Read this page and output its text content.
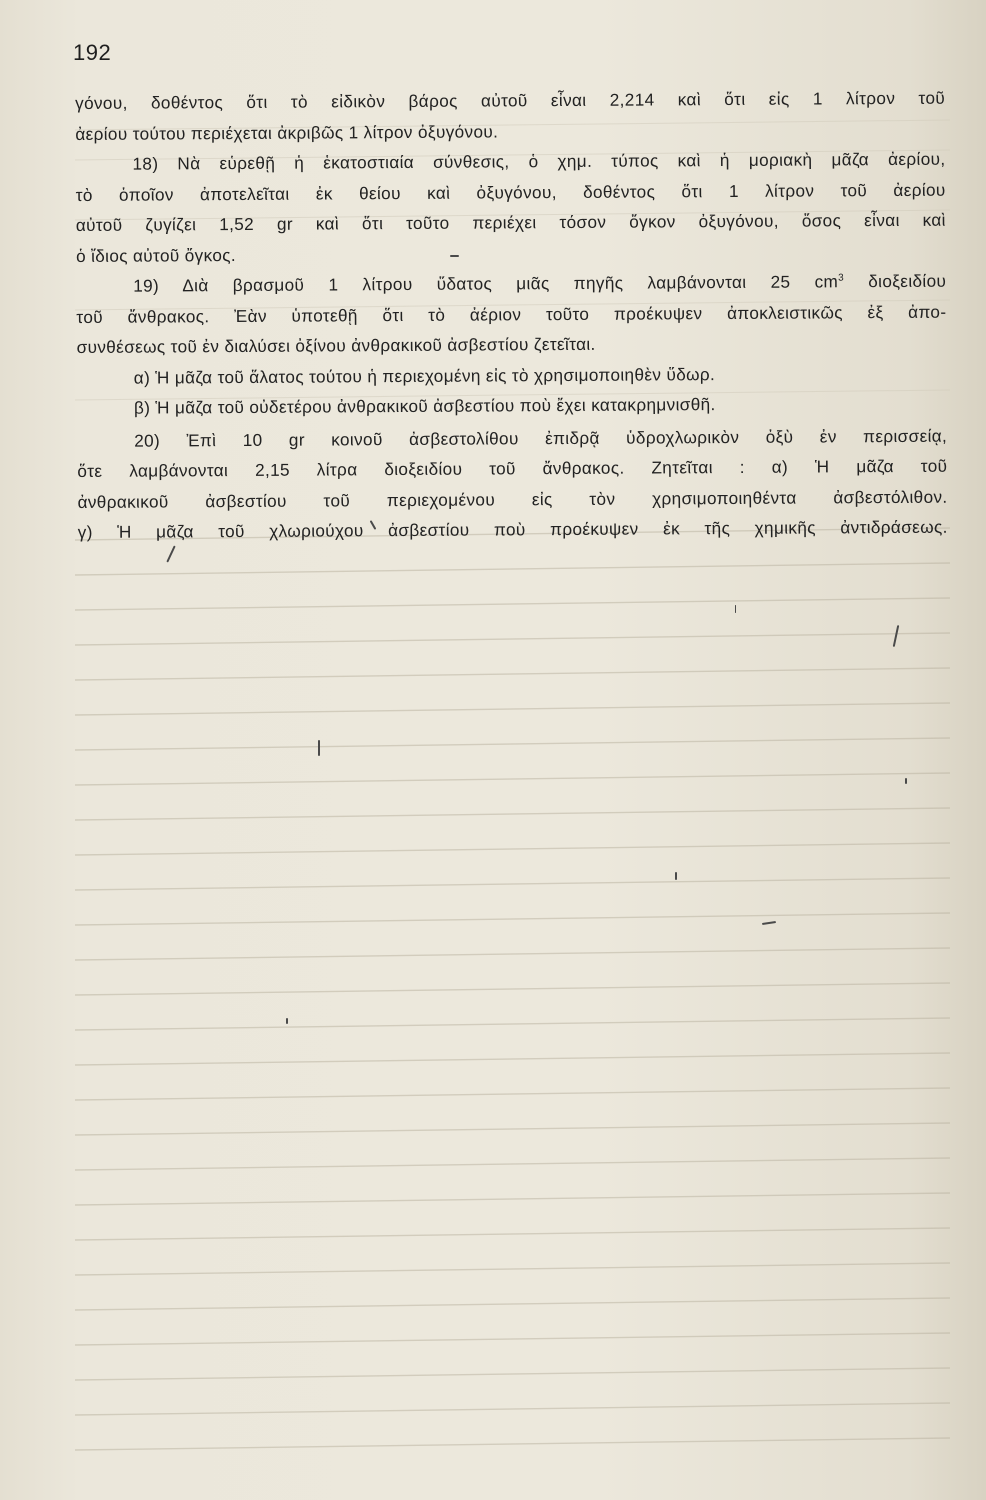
192
γόνου, δοθέντος ὅτι τὸ εἰδικὸν βάρος αὐτοῦ εἶναι 2,214 καὶ ὅτι εἰς 1 λίτρον τοῦ
ἀερίου τούτου περιέχεται ἀκριβῶς 1 λίτρον ὀξυγόνου.
18) Νὰ εὑρεθῇ ἡ ἑκατοστιαία σύνθεσις, ὁ χημ. τύπος καὶ ἡ μοριακὴ μᾶζα ἀερίου,
τὸ ὁποῖον ἀποτελεῖται ἐκ θείου καὶ ὀξυγόνου, δοθέντος ὅτι 1 λίτρον τοῦ ἀερίου
αὐτοῦ ζυγίζει 1,52 gr καὶ ὅτι τοῦτο περιέχει τόσον ὄγκον ὀξυγόνου, ὅσος εἶναι καὶ
ὁ ἴδιος αὐτοῦ ὄγκος.
19) Διὰ βρασμοῦ 1 λίτρου ὕδατος μιᾶς πηγῆς λαμβάνονται 25 $cm^3$ διοξειδίου
τοῦ ἄνθρακος. Ἐὰν ὑποτεθῇ ὅτι τὸ ἀέριον τοῦτο προέκυψεν ἀποκλειστικῶς ἐξ ἀπο-
συνθέσεως τοῦ ἐν διαλύσει ὀξίνου ἀνθρακικοῦ ἀσβεστίου ζετεῖται.
α) Ἡ μᾶζα τοῦ ἅλατος τούτου ἡ περιεχομένη εἰς τὸ χρησιμοποιηθὲν ὕδωρ.
β) Ἡ μᾶζα τοῦ οὐδετέρου ἀνθρακικοῦ ἀσβεστίου ποὺ ἔχει κατακρημνισθῆ.
20) Ἐπὶ 10 gr κοινοῦ ἀσβεστολίθου ἐπιδρᾷ ὑδροχλωρικὸν ὀξὺ ἐν περισσείᾳ,
ὅτε λαμβάνονται 2,15 λίτρα διοξειδίου τοῦ ἄνθρακος. Ζητεῖται : α) Ἡ μᾶζα τοῦ
ἀνθρακικοῦ ἀσβεστίου τοῦ περιεχομένου εἰς τὸν χρησιμοποιηθέντα ἀσβεστόλιθον.
γ) Ἡ μᾶζα τοῦ χλωριούχου ἀσβεστίου ποὺ προέκυψεν ἐκ τῆς χημικῆς ἀντιδράσεως.
